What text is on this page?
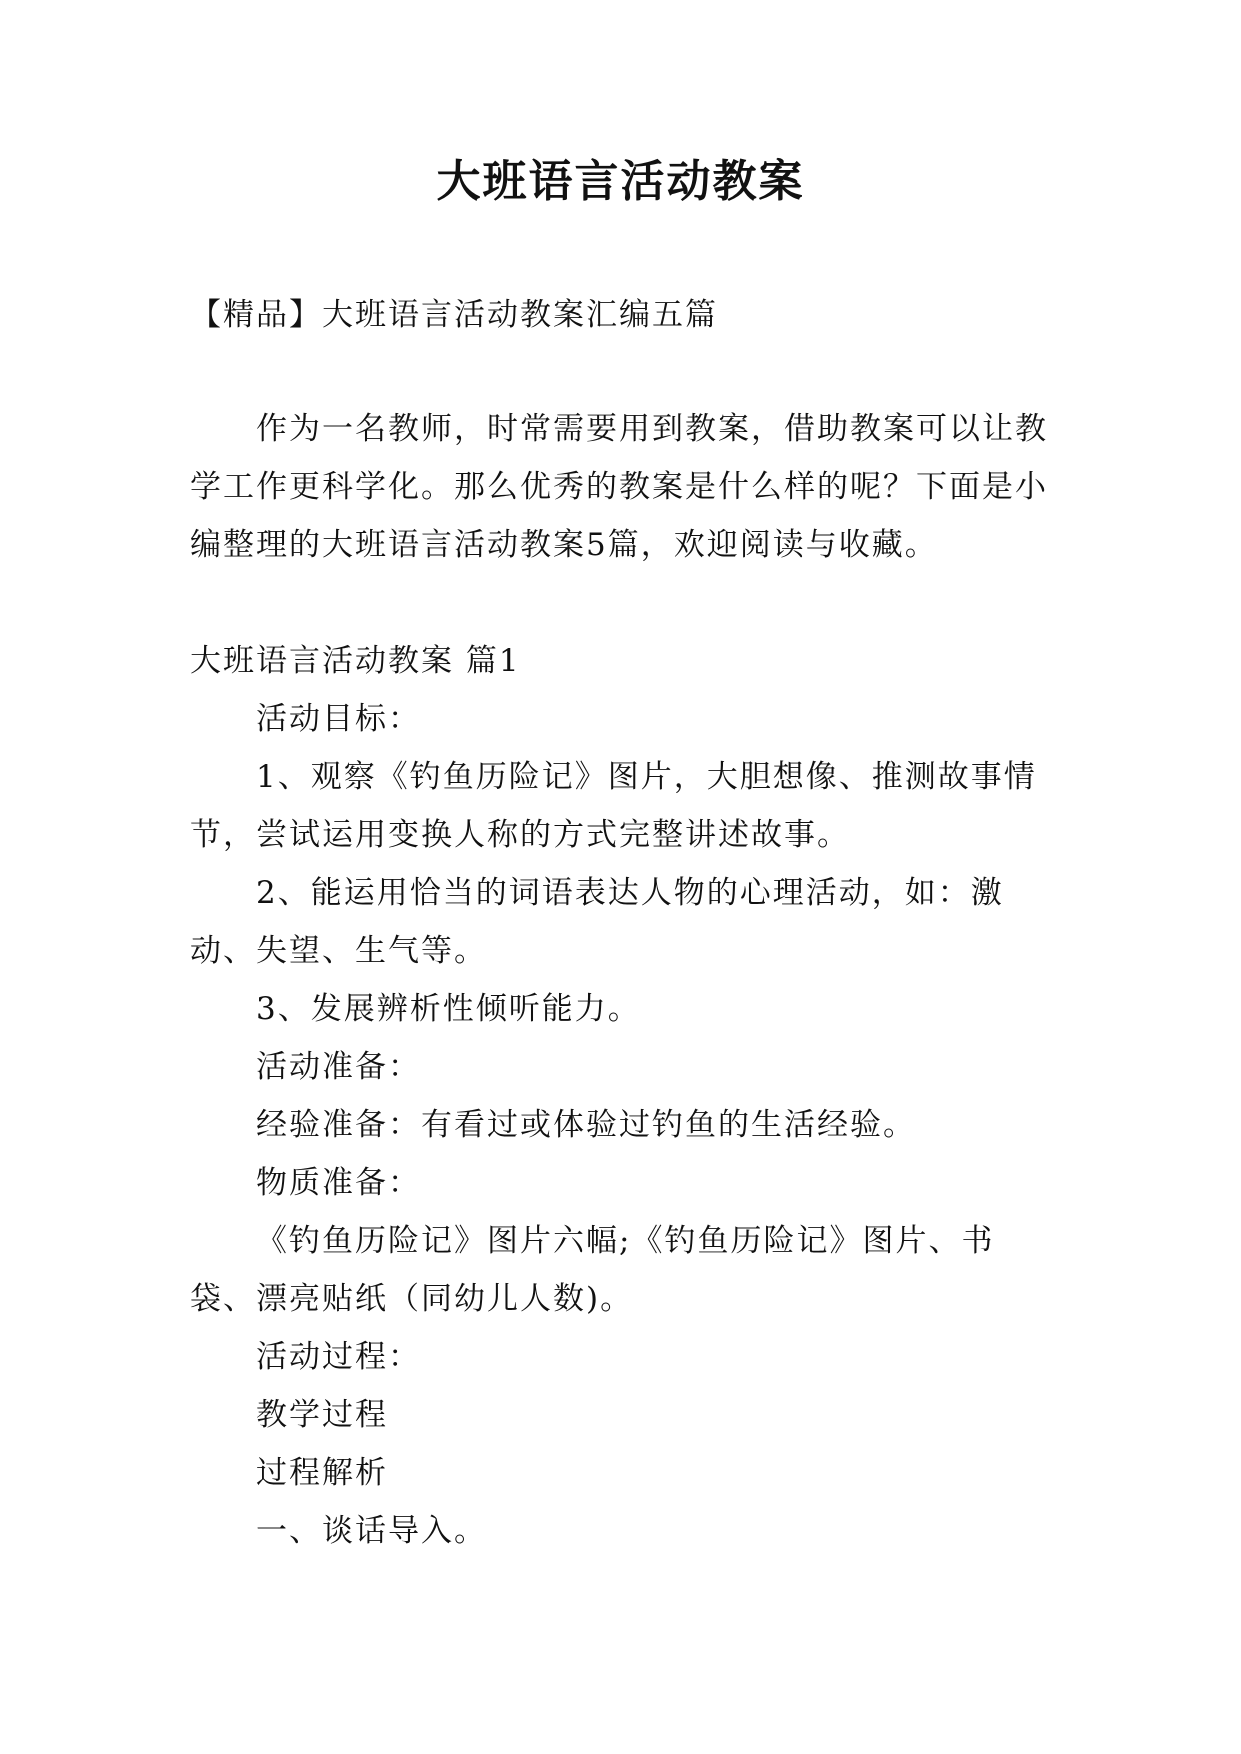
大班语言活动教案

【精品】大班语言活动教案汇编五篇

作为一名教师，时常需要用到教案，借助教案可以让教学工作更科学化。那么优秀的教案是什么样的呢？下面是小编整理的大班语言活动教案5篇，欢迎阅读与收藏。

大班语言活动教案 篇1

活动目标：

1、观察《钓鱼历险记》图片，大胆想像、推测故事情节，尝试运用变换人称的方式完整讲述故事。

2、能运用恰当的词语表达人物的心理活动，如：激动、失望、生气等。

3、发展辨析性倾听能力。

活动准备：

经验准备：有看过或体验过钓鱼的生活经验。

物质准备：

《钓鱼历险记》图片六幅;《钓鱼历险记》图片、书袋、漂亮贴纸（同幼儿人数)。

活动过程：

教学过程

过程解析

一、谈话导入。
